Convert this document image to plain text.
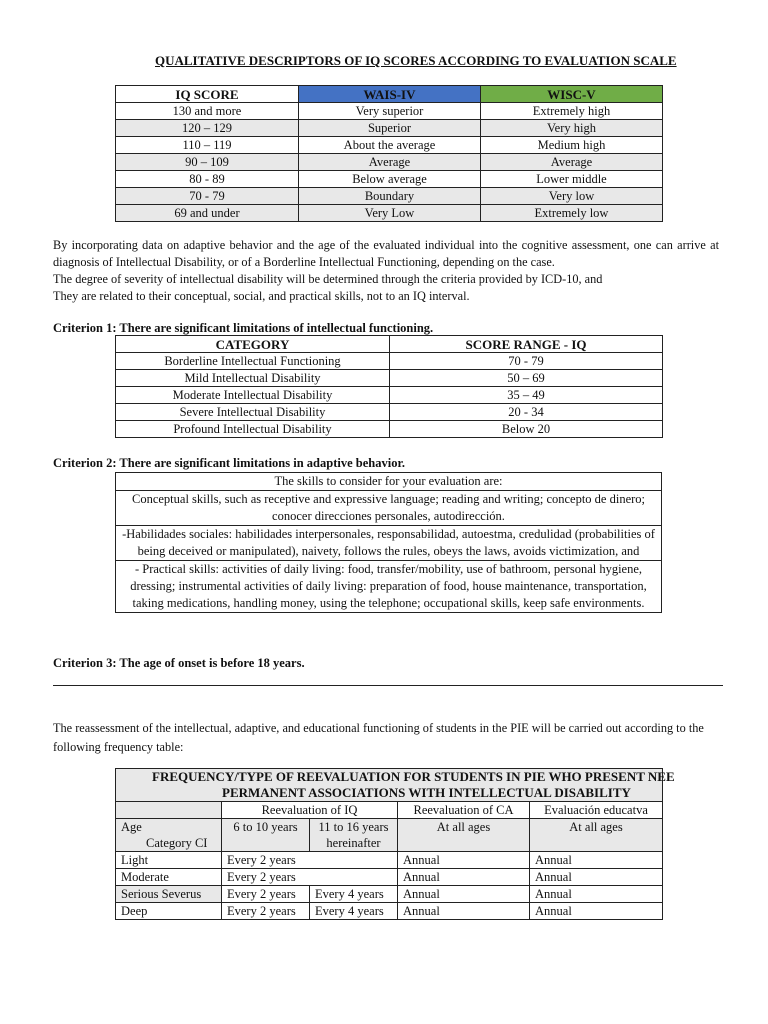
QUALITATIVE DESCRIPTORS OF IQ SCORES ACCORDING TO EVALUATION SCALE
IQ SCORE	WAIS-IV	WISC-V
130 and more	Very superior	Extremely high
120 – 129	Superior	Very high
110 – 119	About the average	Medium high
90 – 109	Average	Average
80 - 89	Below average	Lower middle
70 - 79	Boundary	Very low
69 and under	Very Low	Extremely low
By incorporating data on adaptive behavior and the age of the evaluated individual into the cognitive assessment, one can arrive at diagnosis of Intellectual Disability, or of a Borderline Intellectual Functioning, depending on the case.
The degree of severity of intellectual disability will be determined through the criteria provided by ICD-10, and
They are related to their conceptual, social, and practical skills, not to an IQ interval.
Criterion 1: There are significant limitations of intellectual functioning.
CATEGORY	SCORE RANGE - IQ
Borderline Intellectual Functioning	70 - 79
Mild Intellectual Disability	50 – 69
Moderate Intellectual Disability	35 – 49
Severe Intellectual Disability	20 - 34
Profound Intellectual Disability	Below 20
Criterion 2: There are significant limitations in adaptive behavior.
The skills to consider for your evaluation are:
Conceptual skills, such as receptive and expressive language; reading and writing; concepto de dinero; conocer direcciones personales, autodirección.
-Habilidades sociales: habilidades interpersonales, responsabilidad, autoestma, credulidad (probabilities of being deceived or manipulated), naivety, follows the rules, obeys the laws, avoids victimization, and
- Practical skills: activities of daily living: food, transfer/mobility, use of bathroom, personal hygiene, dressing; instrumental activities of daily living: preparation of food, house maintenance, transportation, taking medications, handling money, using the telephone; occupational skills, keep safe environments.
Criterion 3: The age of onset is before 18 years.
The reassessment of the intellectual, adaptive, and educational functioning of students in the PIE will be carried out according to the following frequency table:
FREQUENCY/TYPE OF REEVALUATION FOR STUDENTS IN PIE WHO PRESENT NEE
PERMANENT ASSOCIATIONS WITH INTELLECTUAL DISABILITY				

	Reevaluation of IQ		Reevaluation of CA	Evaluación educatva

Age
Category CI	6 to 10 years	11 to 16 years hereinafter	At all ages	At all ages
Light	Every 2 years		Annual	Annual
Moderate	Every 2 years		Annual	Annual
Serious Severus	Every 2 years	Every 4 years	Annual	Annual
Deep	Every 2 years	Every 4 years	Annual	Annual
